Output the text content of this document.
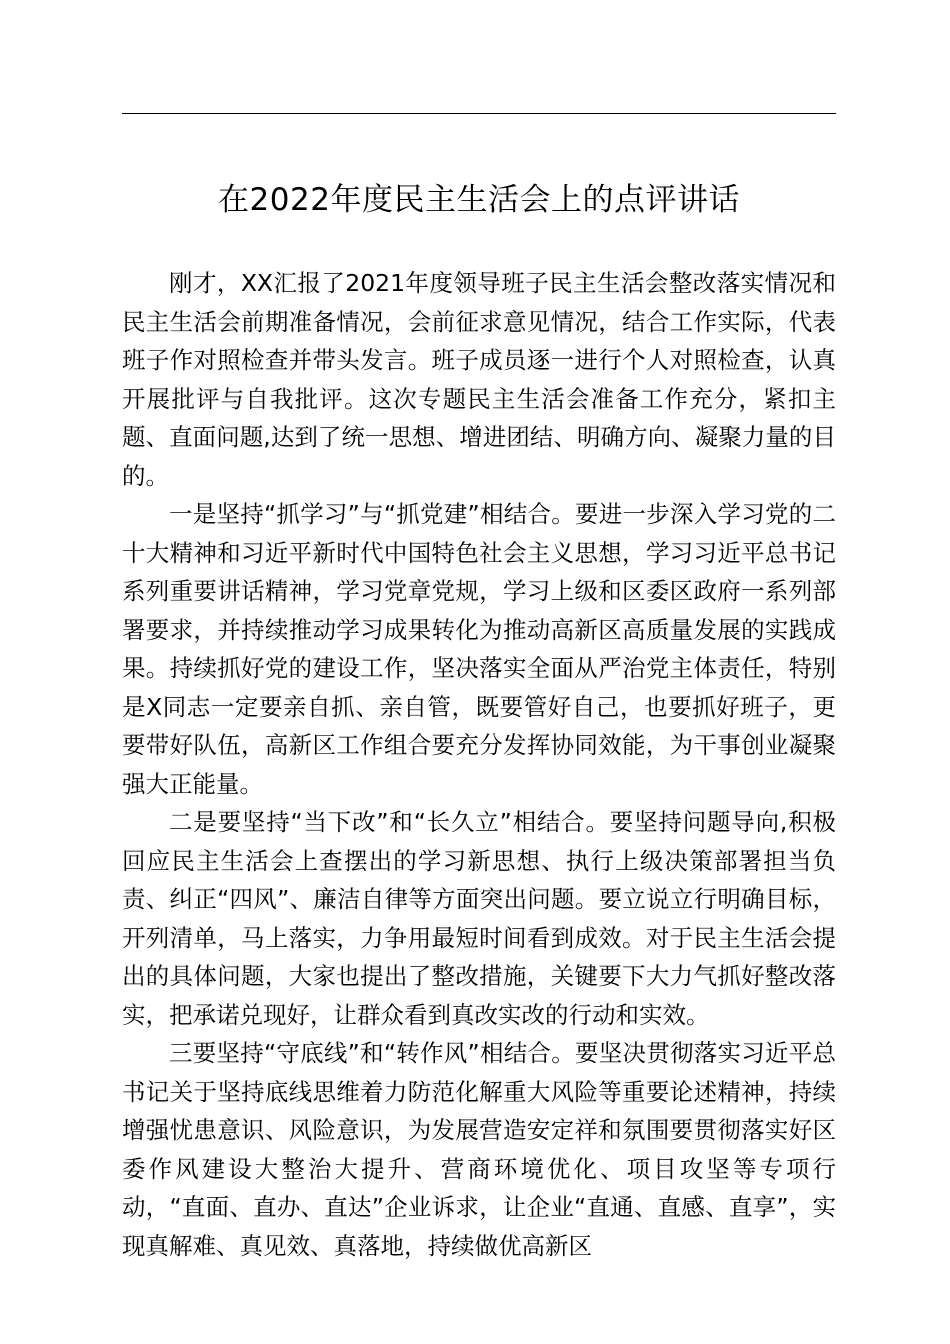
在2022年度民主生活会上的点评讲话

刚才，XX汇报了2021年度领导班子民主生活会整改落实情况和民主生活会前期准备情况，会前征求意见情况，结合工作实际，代表班子作对照检查并带头发言。班子成员逐一进行个人对照检查，认真开展批评与自我批评。这次专题民主生活会准备工作充分，紧扣主题、直面问题,达到了统一思想、增进团结、明确方向、凝聚力量的目的。

一是坚持“抓学习”与“抓党建”相结合。要进一步深入学习党的二十大精神和习近平新时代中国特色社会主义思想，学习习近平总书记系列重要讲话精神，学习党章党规，学习上级和区委区政府一系列部署要求，并持续推动学习成果转化为推动高新区高质量发展的实践成果。持续抓好党的建设工作，坚决落实全面从严治党主体责任，特别是X同志一定要亲自抓、亲自管，既要管好自己，也要抓好班子，更要带好队伍，高新区工作组合要充分发挥协同效能，为干事创业凝聚强大正能量。

二是要坚持“当下改”和“长久立”相结合。要坚持问题导向,积极回应民主生活会上查摆出的学习新思想、执行上级决策部署担当负责、纠正“四风”、廉洁自律等方面突出问题。要立说立行明确目标，开列清单，马上落实，力争用最短时间看到成效。对于民主生活会提出的具体问题，大家也提出了整改措施，关键要下大力气抓好整改落实，把承诺兑现好，让群众看到真改实改的行动和实效。

三要坚持“守底线”和“转作风”相结合。要坚决贯彻落实习近平总书记关于坚持底线思维着力防范化解重大风险等重要论述精神，持续增强忧患意识、风险意识，为发展营造安定祥和氛围要贯彻落实好区委作风建设大整治大提升、营商环境优化、项目攻坚等专项行动，“直面、直办、直达”企业诉求，让企业“直通、直感、直享”，实现真解难、真见效、真落地，持续做优高新区
